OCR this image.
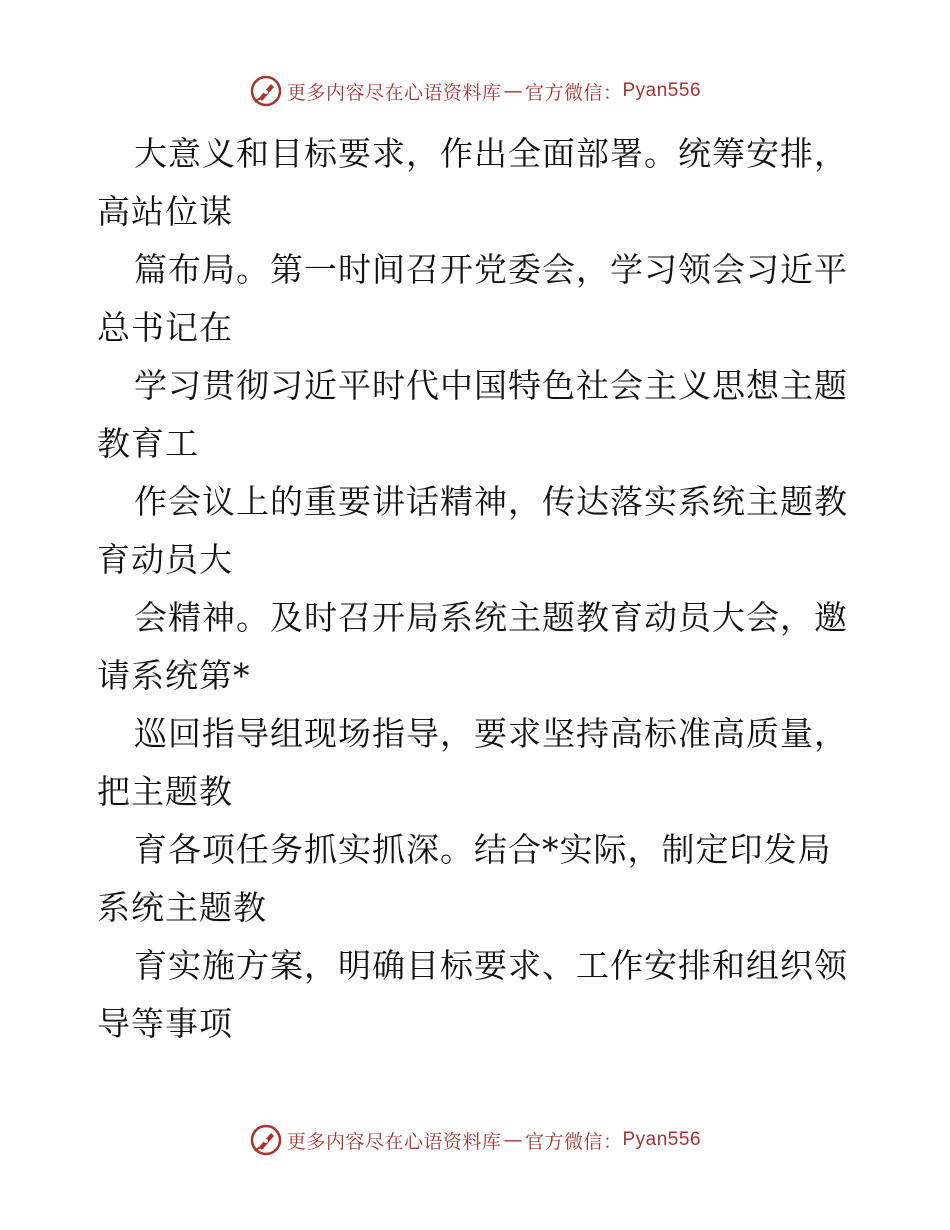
更多内容尽在心语资料库 — 官方微信： Pyan556

大意义和目标要求，作出全面部署。统筹安排，
高站位谋

篇布局。第一时间召开党委会，学习领会习近平
总书记在

学习贯彻习近平时代中国特色社会主义思想主题
教育工

作会议上的重要讲话精神，传达落实系统主题教
育动员大

会精神。及时召开局系统主题教育动员大会，邀
请系统第*

巡回指导组现场指导，要求坚持高标准高质量，
把主题教

育各项任务抓实抓深。结合*实际，制定印发局
系统主题教

育实施方案，明确目标要求、工作安排和组织领
导等事项

更多内容尽在心语资料库 — 官方微信： Pyan556
